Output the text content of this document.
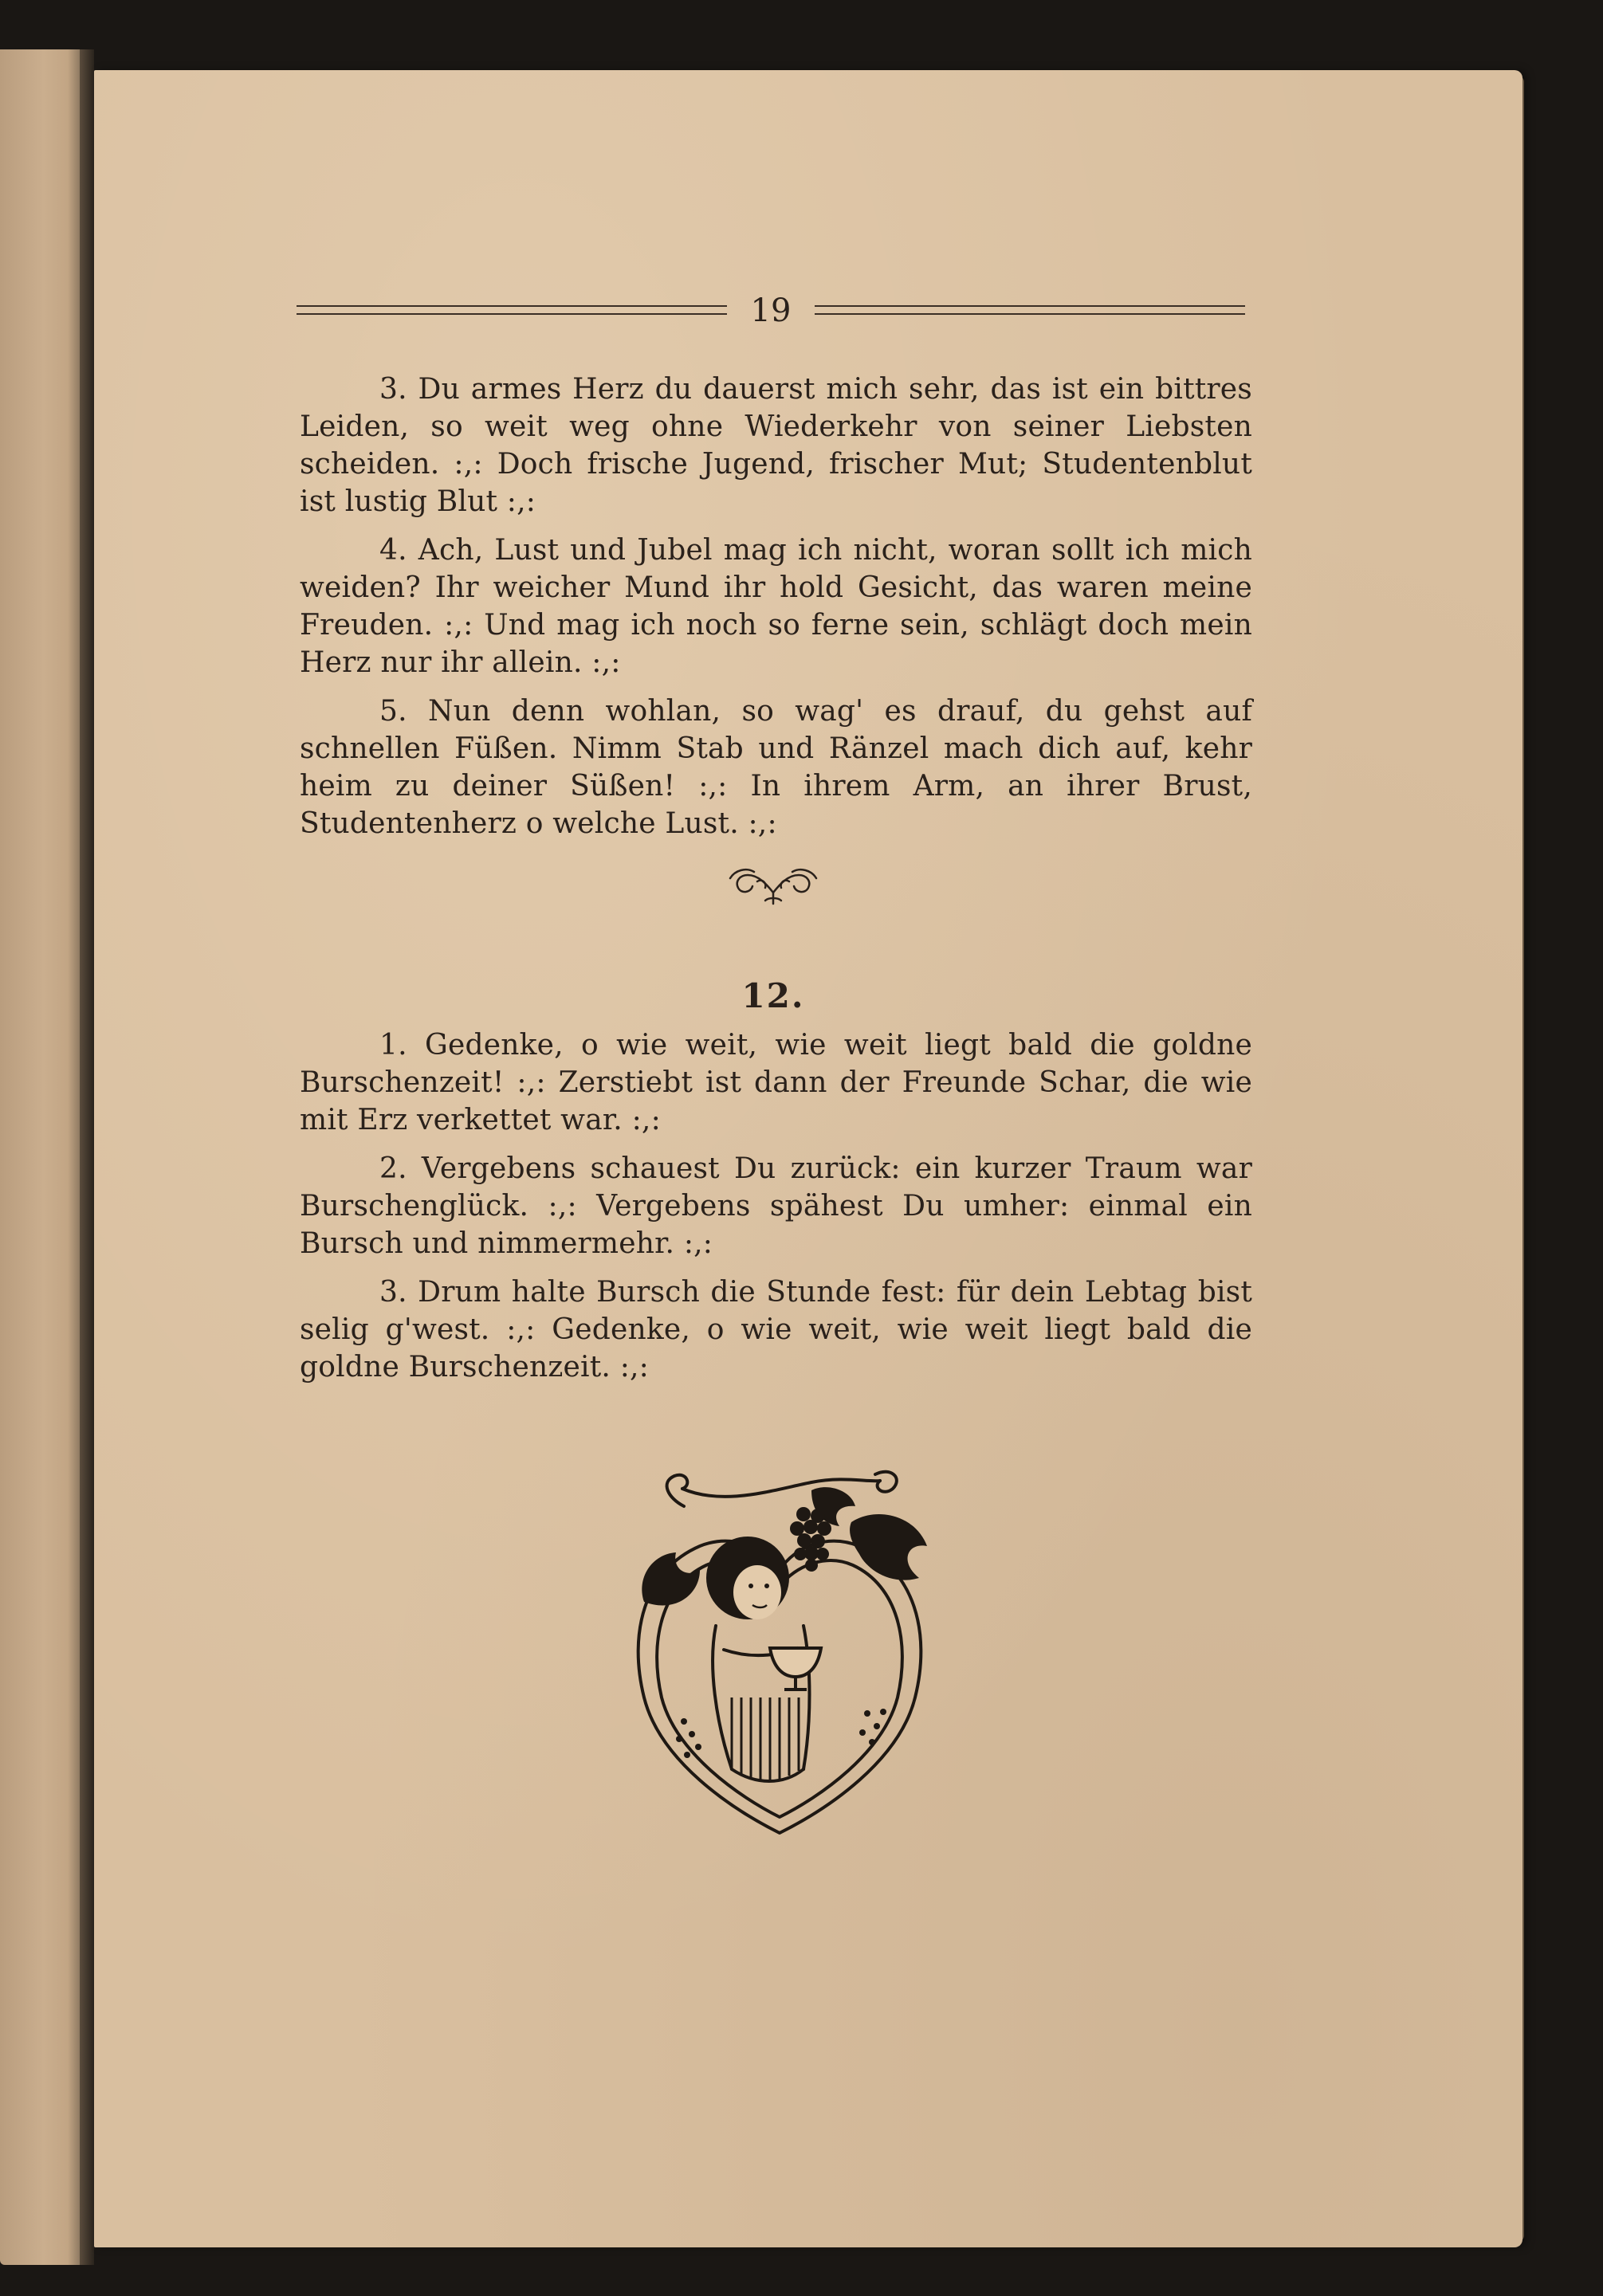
19

3. Du armes Herz du dauerst mich sehr, das ist ein bittres Leiden, so weit weg ohne Wiederkehr von seiner Liebsten scheiden. :,: Doch frische Jugend, frischer Mut; Studentenblut ist lustig Blut :,:

4. Ach, Lust und Jubel mag ich nicht, woran sollt ich mich weiden? Ihr weicher Mund ihr hold Gesicht, das waren meine Freuden. :,: Und mag ich noch so ferne sein, schlägt doch mein Herz nur ihr allein. :,:

5. Nun denn wohlan, so wag' es drauf, du gehst auf schnellen Füßen. Nimm Stab und Ränzel mach dich auf, kehr heim zu deiner Süßen! :,: In ihrem Arm, an ihrer Brust, Studentenherz o welche Lust. :,:

12.

1. Gedenke, o wie weit, wie weit liegt bald die goldne Burschenzeit! :,: Zerstiebt ist dann der Freunde Schar, die wie mit Erz verkettet war. :,:

2. Vergebens schauest Du zurück: ein kurzer Traum war Burschenglück. :,: Vergebens spähest Du umher: einmal ein Bursch und nimmermehr. :,:

3. Drum halte Bursch die Stunde fest: für dein Lebtag bist selig g'west. :,: Gedenke, o wie weit, wie weit liegt bald die goldne Burschenzeit. :,:
